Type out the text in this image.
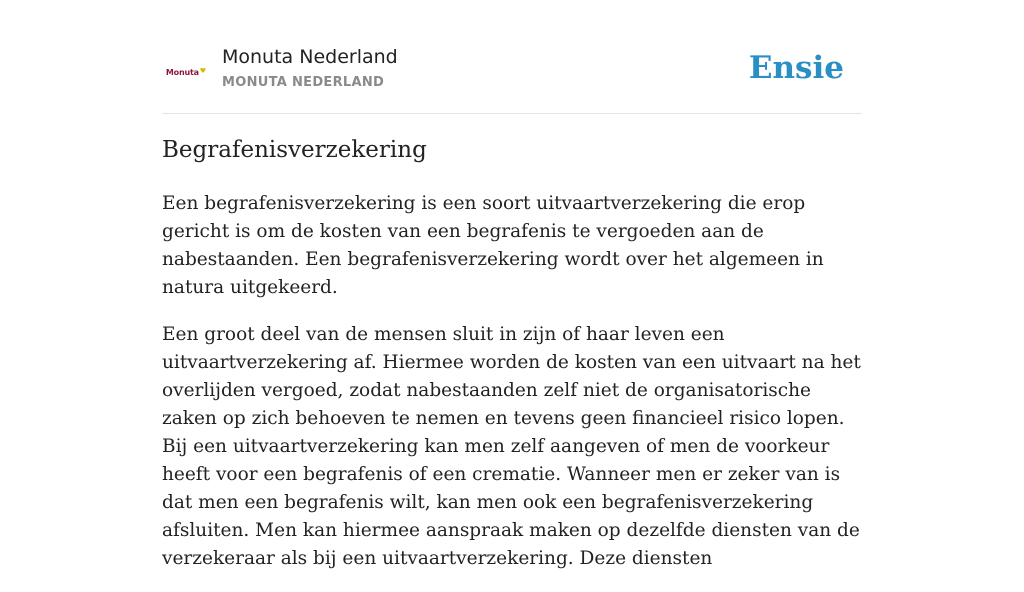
Monuta ♥
Monuta Nederland
MONUTA NEDERLAND	Ensie
Begrafenisverzekering

Een begrafenisverzekering is een soort uitvaartverzekering die erop gericht is om de kosten van een begrafenis te vergoeden aan de nabestaanden. Een begrafenisverzekering wordt over het algemeen in natura uitgekeerd.

Een groot deel van de mensen sluit in zijn of haar leven een uitvaartverzekering af. Hiermee worden de kosten van een uitvaart na het overlijden vergoed, zodat nabestaanden zelf niet de organisatorische zaken op zich behoeven te nemen en tevens geen financieel risico lopen. Bij een uitvaartverzekering kan men zelf aangeven of men de voorkeur heeft voor een begrafenis of een crematie. Wanneer men er zeker van is dat men een begrafenis wilt, kan men ook een begrafenisverzekering afsluiten. Men kan hiermee aanspraak maken op dezelfde diensten van de verzekeraar als bij een uitvaartverzekering. Deze diensten
